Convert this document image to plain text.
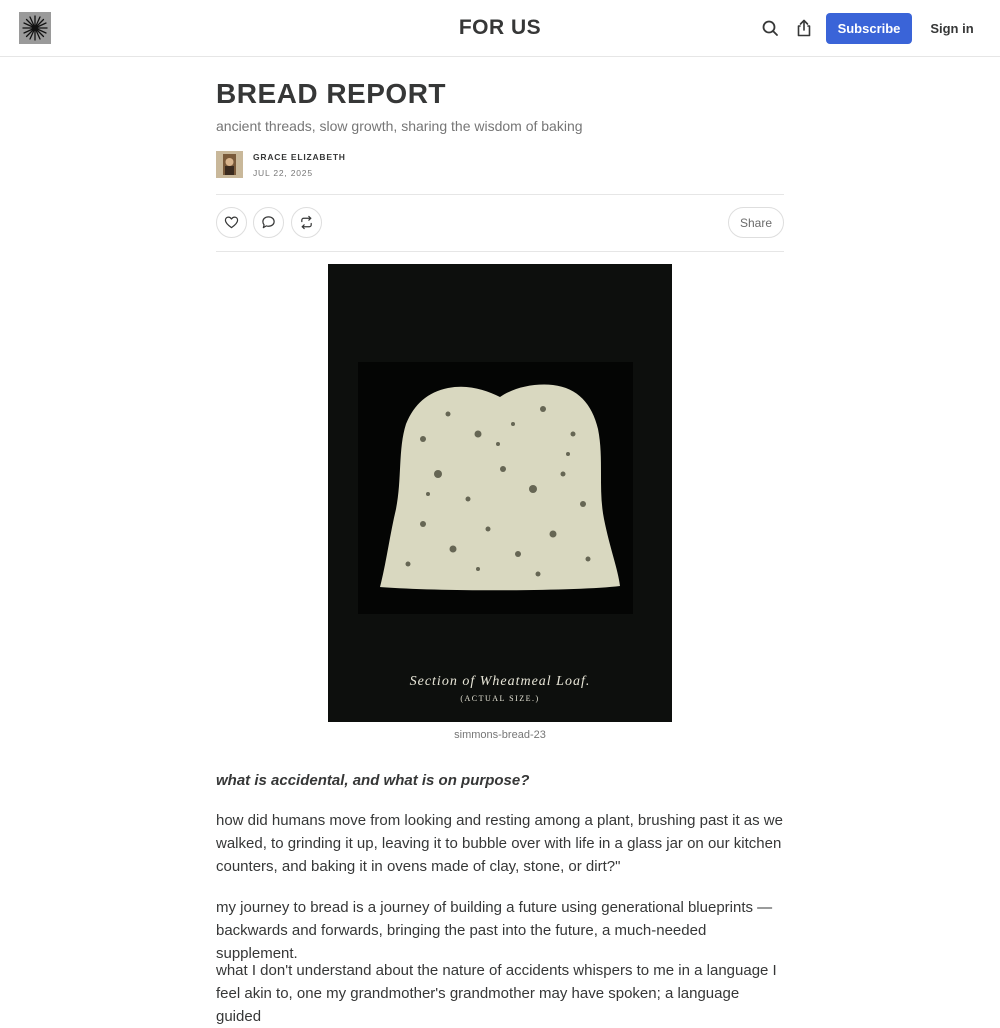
FOR US	Subscribe	Sign in
BREAD REPORT
ancient threads, slow growth, sharing the wisdom of baking
GRACE ELIZABETH
JUL 22, 2025
Share
Section of Wheatmeal Loaf.
(ACTUAL SIZE.)
simmons-bread-23

what is accidental, and what is on purpose?

how did humans move from looking and resting among a plant, brushing past it as we walked, to grinding it up, leaving it to bubble over with life in a glass jar on our kitchen counters, and baking it in ovens made of clay, stone, or dirt?"

my journey to bread is a journey of building a future using generational blueprints — backwards and forwards, bringing the past into the future, a much-needed supplement.

what I don't understand about the nature of accidents whispers to me in a language I feel akin to, one my grandmother's grandmother may have spoken; a language guided
